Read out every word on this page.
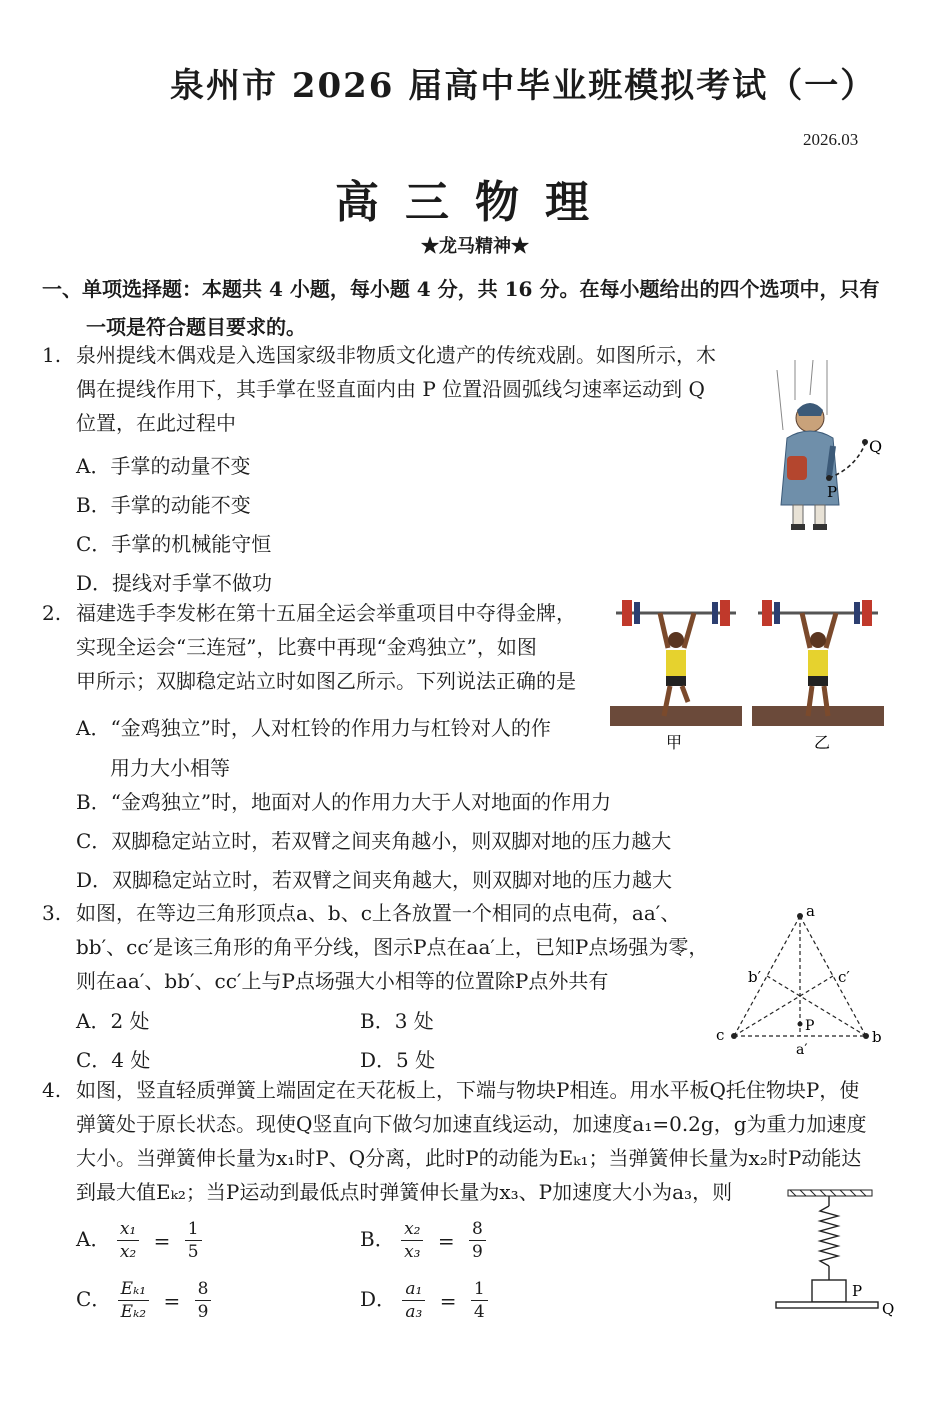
泉州市 2026 届高中毕业班模拟考试（一）
2026.03
高三物理
★龙马精神★
一、单项选择题：本题共 4 小题，每小题 4 分，共 16 分。在每小题给出的四个选项中，只有
一项是符合题目要求的。
1. 泉州提线木偶戏是入选国家级非物质文化遗产的传统戏剧。如图所示，木
偶在提线作用下，其手掌在竖直面内由 P 位置沿圆弧线匀速率运动到 Q
位置，在此过程中
A．手掌的动量不变
B．手掌的动能不变
C．手掌的机械能守恒
D．提线对手掌不做功
Q
P
2. 福建选手李发彬在第十五届全运会举重项目中夺得金牌，
实现全运会“三连冠”，比赛中再现“金鸡独立”，如图
甲所示；双脚稳定站立时如图乙所示。下列说法正确的是
A．“金鸡独立”时，人对杠铃的作用力与杠铃对人的作
用力大小相等
B．“金鸡独立”时，地面对人的作用力大于人对地面的作用力
C．双脚稳定站立时，若双臂之间夹角越小，则双脚对地的压力越大
D．双脚稳定站立时，若双臂之间夹角越大，则双脚对地的压力越大
甲	乙
3. 如图，在等边三角形顶点a、b、c上各放置一个相同的点电荷，aa′、
bb′、cc′是该三角形的角平分线，图示P点在aa′上，已知P点场强为零，
则在aa′、bb′、cc′上与P点场强大小相等的位置除P点外共有
A．2 处	B．3 处
C．4 处	D．5 处
a
b′	c′
P
c	b
a′
4. 如图，竖直轻质弹簧上端固定在天花板上，下端与物块P相连。用水平板Q托住物块P，使
弹簧处于原长状态。现使Q竖直向下做匀加速直线运动，加速度a₁=0.2g，g为重力加速度
大小。当弹簧伸长量为x₁时P、Q分离，此时P的动能为Eₖ₁；当弹簧伸长量为x₂时P动能达
到最大值Eₖ₂；当P运动到最低点时弹簧伸长量为x₃、P加速度大小为a₃，则
A． $\frac{\text{x₁}}{\text{x₂}} = \frac{1}{5}$	B． $\frac{\text{x₂}}{\text{x₃}} = \frac{8}{9}$
C． $\frac{\text{Eₖ₁}}{\text{Eₖ₂}} = \frac{8}{9}$	D． $\frac{\text{a₁}}{\text{a₃}} = \frac{1}{4}$	P
Q
